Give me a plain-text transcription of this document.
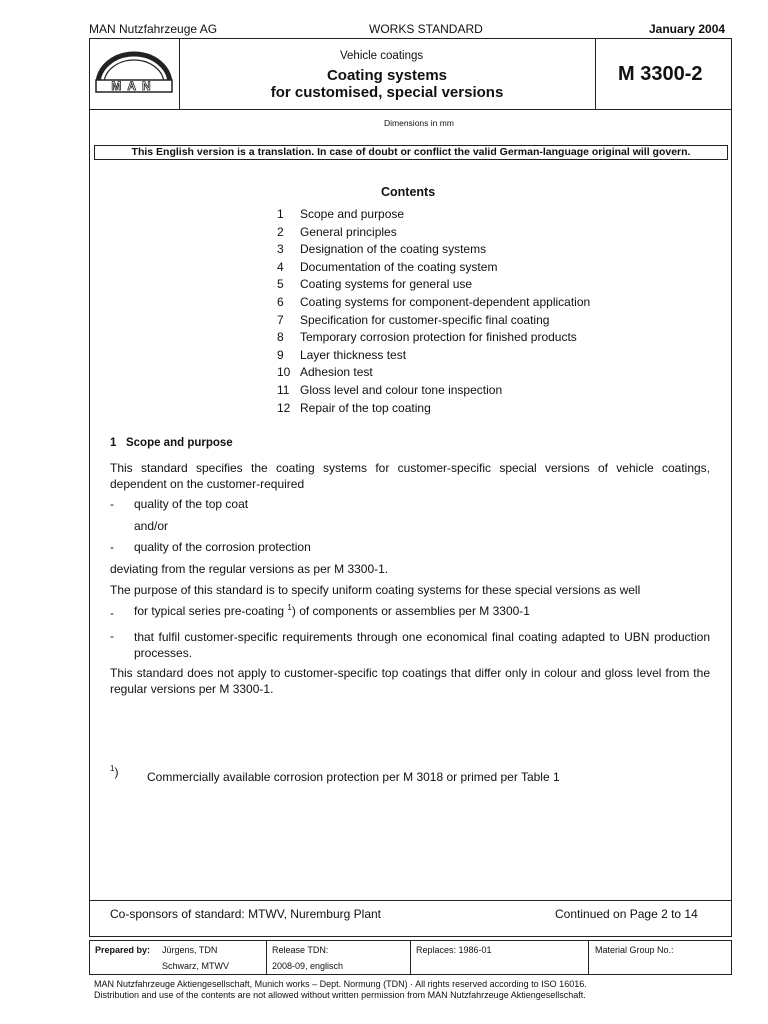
MAN Nutzfahrzeuge AG	WORKS STANDARD	January 2004
MAN
Vehicle coatings
Coating systems
for customised, special versions
M 3300-2
Dimensions in mm
This English version is a translation. In case of doubt or conflict the valid German-language original will govern.
Contents
1 Scope and purpose
2 General principles
3 Designation of the coating systems
4 Documentation of the coating system
5 Coating systems for general use
6 Coating systems for component-dependent application
7 Specification for customer-specific final coating
8 Temporary corrosion protection for finished products
9 Layer thickness test
10 Adhesion test
11 Gloss level and colour tone inspection
12 Repair of the top coating
1   Scope and purpose
This standard specifies the coating systems for customer-specific special versions of vehicle coatings, dependent on the customer-required
- quality of the top coat
and/or
- quality of the corrosion protection
deviating from the regular versions as per M 3300-1.
The purpose of this standard is to specify uniform coating systems for these special versions as well
- for typical series pre-coating $^1$) of components or assemblies per M 3300-1
- that fulfil customer-specific requirements through one economical final coating adapted to UBN production processes.
This standard does not apply to customer-specific top coatings that differ only in colour and gloss level from the regular versions per M 3300-1.
$^1$) Commercially available corrosion protection per M 3018 or primed per Table 1
Co-sponsors of standard: MTWV, Nuremburg Plant	Continued on Page 2 to 14
Prepared by: Jürgens, TDN
Schwarz, MTWV
Release TDN:
2008-09, englisch
Replaces: 1986-01	Material Group No.:
MAN Nutzfahrzeuge Aktiengesellschaft, Munich works – Dept. Normung (TDN) · All rights reserved according to ISO 16016.
Distribution and use of the contents are not allowed without written permission from MAN Nutzfahrzeuge Aktiengesellschaft.
